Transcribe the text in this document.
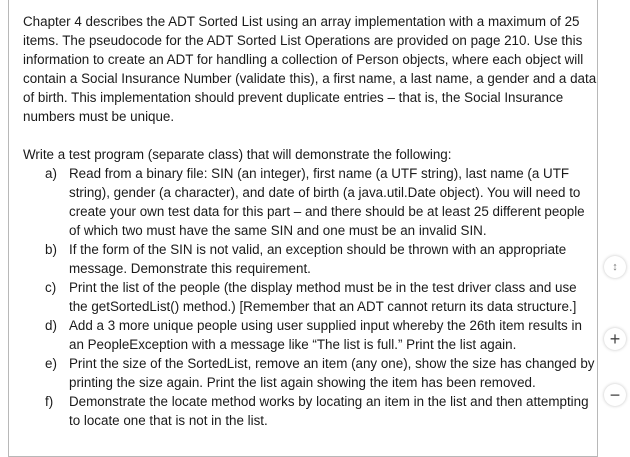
Chapter 4 describes the ADT Sorted List using an array implementation with a maximum of 25 items. The pseudocode for the ADT Sorted List Operations are provided on page 210. Use this information to create an ADT for handling a collection of Person objects, where each object will contain a Social Insurance Number (validate this), a first name, a last name, a gender and a data of birth. This implementation should prevent duplicate entries – that is, the Social Insurance numbers must be unique.

Write a test program (separate class) that will demonstrate the following:

a) Read from a binary file: SIN (an integer), first name (a UTF string), last name (a UTF string), gender (a character), and date of birth (a java.util.Date object). You will need to create your own test data for this part – and there should be at least 25 different people of which two must have the same SIN and one must be an invalid SIN.
b) If the form of the SIN is not valid, an exception should be thrown with an appropriate message. Demonstrate this requirement.
c) Print the list of the people (the display method must be in the test driver class and use the getSortedList() method.) [Remember that an ADT cannot return its data structure.]
d) Add a 3 more unique people using user supplied input whereby the 26th item results in an PeopleException with a message like “The list is full.” Print the list again.
e) Print the size of the SortedList, remove an item (any one), show the size has changed by printing the size again. Print the list again showing the item has been removed.
f) Demonstrate the locate method works by locating an item in the list and then attempting to locate one that is not in the list.
↕
+
−
